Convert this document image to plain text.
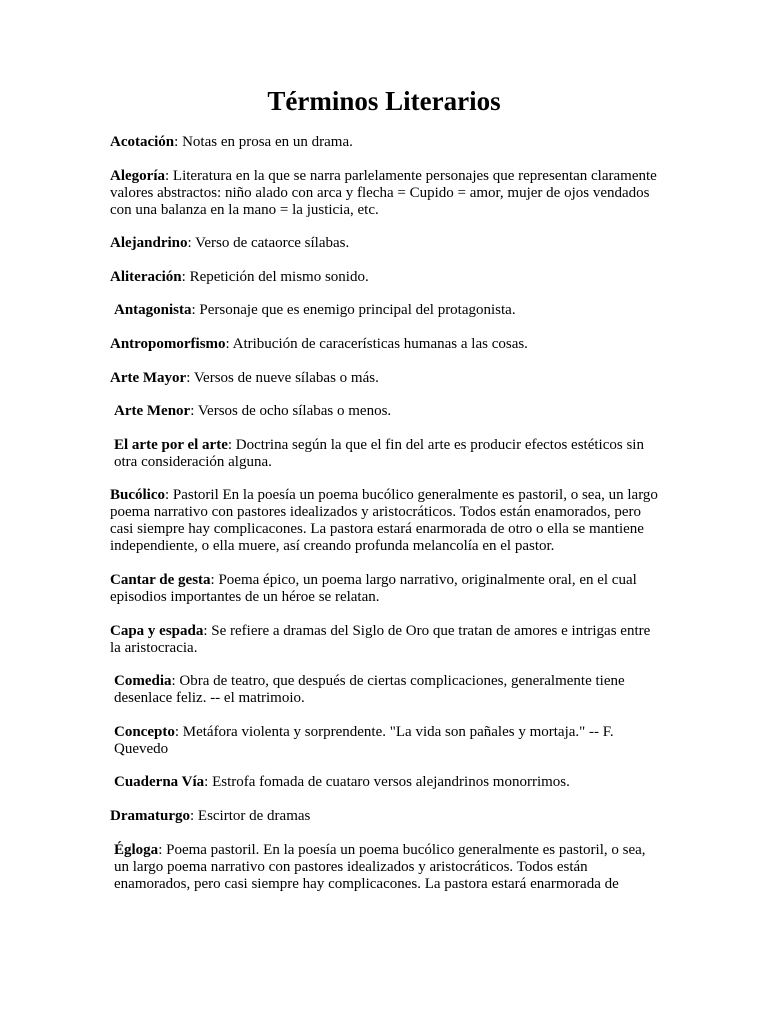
Términos Literarios

Acotación: Notas en prosa en un drama.

Alegoría: Literatura en la que se narra parlelamente personajes que representan claramente valores abstractos: niño alado con arca y flecha = Cupido = amor, mujer de ojos vendados con una balanza en la mano = la justicia, etc.

Alejandrino: Verso de cataorce sílabas.

Aliteración: Repetición del mismo sonido.

Antagonista: Personaje que es enemigo principal del protagonista.

Antropomorfismo: Atribución de caracerísticas humanas a las cosas.

Arte Mayor: Versos de nueve sílabas o más.

Arte Menor: Versos de ocho sílabas o menos.

El arte por el arte: Doctrina según la que el fin del arte es producir efectos estéticos sin otra consideración alguna.

Bucólico: Pastoril En la poesía un poema bucólico generalmente es pastoril, o sea, un largo poema narrativo con pastores idealizados y aristocráticos. Todos están enamorados, pero casi siempre hay complicacones. La pastora estará enarmorada de otro o ella se mantiene independiente, o ella muere, así creando profunda melancolía en el pastor.

Cantar de gesta: Poema épico, un poema largo narrativo, originalmente oral, en el cual episodios importantes de un héroe se relatan.

Capa y espada: Se refiere a dramas del Siglo de Oro que tratan de amores e intrigas entre la aristocracia.

Comedia: Obra de teatro, que después de ciertas complicaciones, generalmente tiene desenlace feliz. -- el matrimoio.

Concepto: Metáfora violenta y sorprendente. "La vida son pañales y mortaja." -- F. Quevedo

Cuaderna Vía: Estrofa fomada de cuataro versos alejandrinos monorrimos.

Dramaturgo: Escirtor de dramas

Égloga: Poema pastoril. En la poesía un poema bucólico generalmente es pastoril, o sea, un largo poema narrativo con pastores idealizados y aristocráticos. Todos están enamorados, pero casi siempre hay complicacones. La pastora estará enarmorada de
